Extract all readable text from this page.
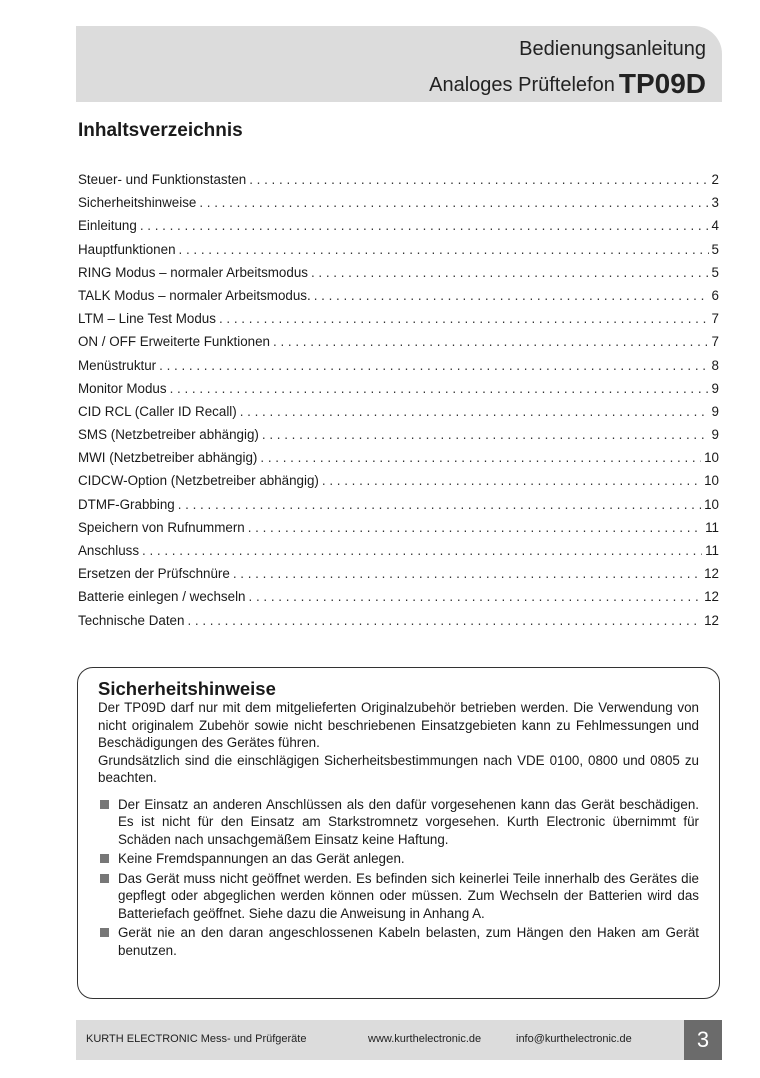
Bedienungsanleitung
Analoges Prüftelefon TP09D
Inhaltsverzeichnis
Steuer- und Funktionstasten . . .	2
Sicherheitshinweise . . .	3
Einleitung . . .	4
Hauptfunktionen . . .	5
RING Modus – normaler Arbeitsmodus . . .	5
TALK Modus – normaler Arbeitsmodus. . . .	6
LTM – Line Test Modus . . .	7
ON / OFF Erweiterte Funktionen . . .	7
Menüstruktur . . .	8
Monitor Modus . . .	9
CID RCL (Caller ID Recall) . . .	9
SMS (Netzbetreiber abhängig) . . .	9
MWI (Netzbetreiber abhängig) . . .	10
CIDCW-Option (Netzbetreiber abhängig) . . .	10
DTMF-Grabbing . . .	10
Speichern von Rufnummern . . .	11
Anschluss . . .	11
Ersetzen der Prüfschnüre . . .	12
Batterie einlegen / wechseln . . .	12
Technische Daten . . .	12
Sicherheitshinweise

Der TP09D darf nur mit dem mitgelieferten Originalzubehör betrieben werden. Die Verwendung von nicht originalem Zubehör sowie nicht beschriebenen Einsatzgebieten kann zu Fehlmessungen und Beschädigungen des Gerätes führen.

Grundsätzlich sind die einschlägigen Sicherheitsbestimmungen nach VDE 0100, 0800 und 0805 zu beachten.

Der Einsatz an anderen Anschlüssen als den dafür vorgesehenen kann das Gerät beschädigen. Es ist nicht für den Einsatz am Starkstromnetz vorgesehen. Kurth Electronic übernimmt für Schäden nach unsachgemäßem Einsatz keine Haftung.
Keine Fremdspannungen an das Gerät anlegen.
Das Gerät muss nicht geöffnet werden. Es befinden sich keinerlei Teile innerhalb des Gerätes die gepflegt oder abgeglichen werden können oder müssen. Zum Wechseln der Batterien wird das Batteriefach geöffnet. Siehe dazu die Anweisung in Anhang A.
Gerät nie an den daran angeschlossenen Kabeln belasten, zum Hängen den Haken am Gerät benutzen.
KURTH ELECTRONIC Mess- und Prüfgeräte	www.kurthelectronic.de	info@kurthelectronic.de	3
